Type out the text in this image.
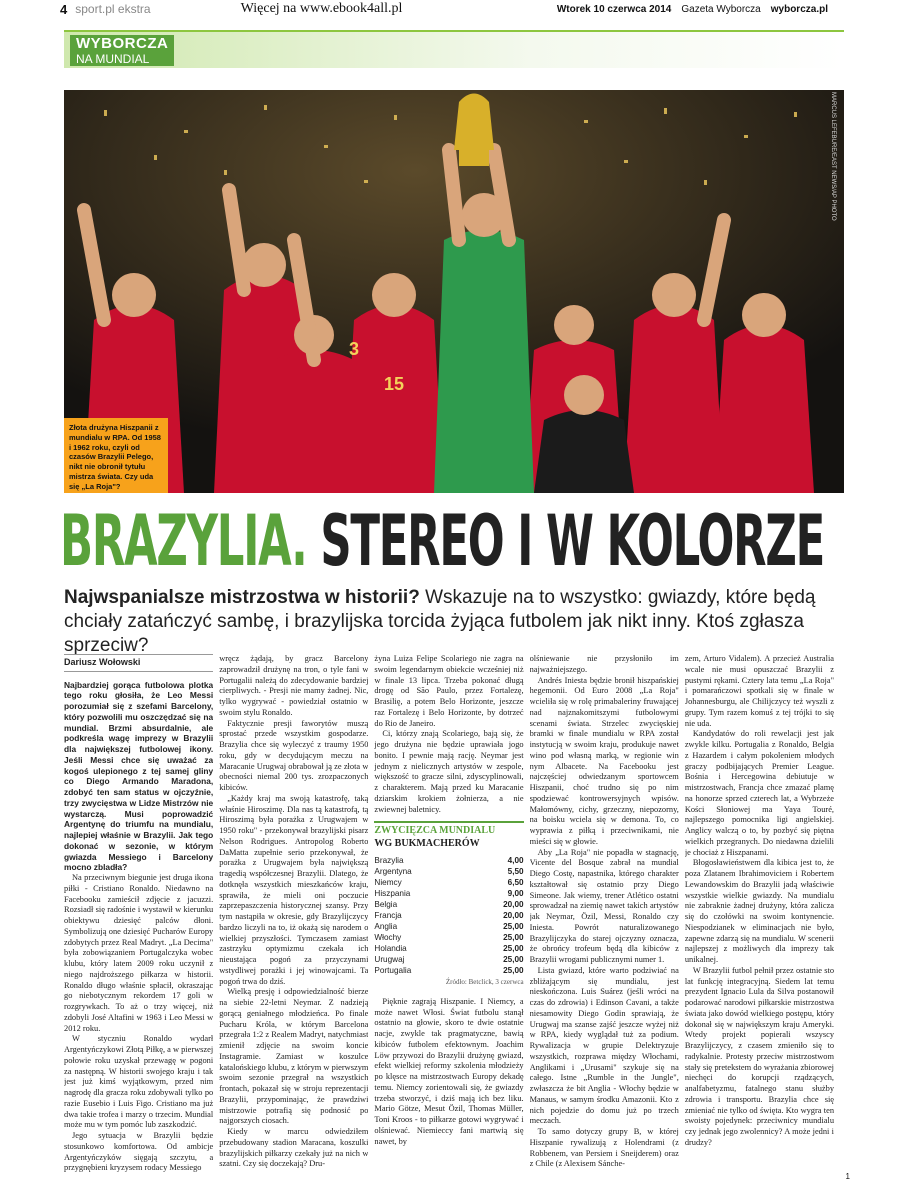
4 sport.pl ekstra	Więcej na www.ebook4all.pl	Wtorek 10 czerwca 2014 Gazeta Wyborcza wyborcza.pl
WYBORCZA
NA MUNDIAL
15
3
MARCUS LEFEBURE/EAST NEWS/AP PHOTO
Złota drużyna Hiszpanii z mundialu w RPA. Od 1958 i 1962 roku, czyli od czasów Brazylii Pelego, nikt nie obronił tytułu mistrza świata. Czy uda się „La Roja"?
BRAZYLIA. STEREO I W KOLORZE
Najwspanialsze mistrzostwa w historii? Wskazuje na to wszystko: gwiazdy, które będą chciały zatańczyć sambę, i brazylijska torcida żyjąca futbolem jak nikt inny. Ktoś zgłasza sprzeciw?
Dariusz Wołowski

Najbardziej gorąca futbolowa plotka tego roku głosiła, że Leo Messi porozumiał się z szefami Barcelony, który pozwolili mu oszczędzać się na mundial. Brzmi absurdalnie, ale podkreśla wagę imprezy w Brazylii dla największej futbolowej ikony. Jeśli Messi chce się uważać za kogoś ulepionego z tej samej gliny co Diego Armando Maradona, zdobyć ten sam status w ojczyźnie, trzy zwycięstwa w Lidze Mistrzów nie wystarczą. Musi poprowadzić Argentynę do triumfu na mundialu, najlepiej właśnie w Brazylii. Jak tego dokonać w sezonie, w którym gwiazda Messiego i Barcelony mocno zbladła?

Na przeciwnym biegunie jest druga ikona piłki - Cristiano Ronaldo. Niedawno na Facebooku zamieścił zdjęcie z jacuzzi. Rozsiadł się radośnie i wystawił w kierunku obiektywu dziesięć palców dłoni. Symbolizują one dziesięć Pucharów Europy zdobytych przez Real Madryt. „La Decima" była zobowiązaniem Portugalczyka wobec klubu, który latem 2009 roku uczynił z niego najdroższego piłkarza w historii. Ronaldo długo właśnie spłacił, okraszając go niebotycznym rekordem 17 goli w rozgrywkach. To aż o trzy więcej, niż zdobyli José Altafini w 1963 i Leo Messi w 2012 roku.

W styczniu Ronaldo wydarł Argentyńczykowi Złotą Piłkę, a w pierwszej połowie roku uzyskał przewagę w pogoni za następną. W historii swojego kraju i tak jest już kimś wyjątkowym, przed nim nagrodę dla gracza roku zdobywali tylko po razie Eusebio i Luis Figo. Cristiano ma już dwa takie trofea i marzy o trzecim. Mundial może mu w tym pomóc lub zaszkodzić.

Jego sytuacja w Brazylii będzie stosunkowo komfortowa. Od ambicje Argentyńczyków sięgają szczytu, a przygnębieni kryzysem rodacy Messiego

wręcz żądają, by gracz Barcelony zaprowadził drużynę na tron, o tyle fani w Portugalii należą do zdecydowanie bardziej cierpliwych. - Presji nie mamy żadnej. Nic, tylko wygrywać - powiedział ostatnio w swoim stylu Ronaldo.

Faktycznie presji faworytów muszą sprostać przede wszystkim gospodarze. Brazylia chce się wyleczyć z traumy 1950 roku, gdy w decydującym meczu na Maracanie Urugwaj obrabował ją ze złota w obecności niemal 200 tys. zrozpaczonych kibiców.

„Każdy kraj ma swoją katastrofę, taką właśnie Hiroszimę. Dla nas tą katastrofą, tą Hiroszimą była porażka z Urugwajem w 1950 roku" - przekonywał brazylijski pisarz Nelson Rodrigues. Antropolog Roberto DaMatta zupełnie serio przekonywał, że porażka z Urugwajem była największą tragedią współczesnej Brazylii. Dlatego, że dotknęła wszystkich mieszkańców kraju, sprawiła, że mieli oni poczucie zaprzepaszczenia historycznej szansy. Przy tym nastąpiła w okresie, gdy Brazylijczycy bardzo liczyli na to, iż okażą się narodem o wielkiej przyszłości. Tymczasem zamiast zastrzyku optymizmu czekała ich nieustająca pogoń za przyczynami wstydliwej porażki i jej winowajcami. Ta pogoń trwa do dziś.

Wielką presję i odpowiedzialność bierze na siebie 22-letni Neymar. Z nadzieją gorącą geniałnego młodzieńca. Po finale Pucharu Króla, w którym Barcelona przegrała 1:2 z Realem Madryt, natychmiast zmienił zdjęcie na swoim koncie Instagramie. Zamiast w koszulce katalońskiego klubu, z którym w pierwszym swoim sezonie przegrał na wszystkich frontach, pokazał się w stroju reprezentacji Brazylii, przypominając, że prawdziwi mistrzowie potrafią się podnosić po najgorszych ciosach.

Kiedy w marcu odwiedziłem przebudowany stadion Maracana, koszulki brazylijskich piłkarzy czekały już na nich w szatni. Czy się doczekają? Dru-

żyna Luiza Felipe Scolariego nie zagra na swoim legendarnym obiekcie wcześniej niż w finale 13 lipca. Trzeba pokonać długą drogę od São Paulo, przez Fortalezę, Brasilię, a potem Belo Horizonte, jeszcze raz Fortalezę i Belo Horizonte, by dotrzeć do Rio de Janeiro.

Ci, którzy znają Scolariego, bają się, że jego drużyna nie będzie uprawiała jogo bonito. I pewnie mają rację. Neymar jest jednym z nielicznych artystów w zespole, większość to gracze silni, zdyscyplinowali, z charakterem. Mają przed ku Maracanie dziarskim krokiem żołnierza, a nie zwiewnej baletnicy.

ZWYCIĘZCA MUNDIALU
WG BUKMACHERÓW
Brazylia	4,00
Argentyna	5,50
Niemcy	6,50
Hiszpania	9,00
Belgia	20,00
Francja	20,00
Anglia	25,00
Włochy	25,00
Holandia	25,00
Urugwaj	25,00
Portugalia	25,00
Źródło: Betclick, 3 czerwca

Pięknie zagrają Hiszpanie. I Niemcy, a może nawet Włosi. Świat futbolu stanął ostatnio na głowie, skoro te dwie ostatnie nacje, zwykle tak pragmatyczne, bawią kibiców futbolem efektownym. Joachim Löw przywozi do Brazylii drużynę gwiazd, efekt wielkiej reformy szkolenia młodzieży po klęsce na mistrzostwach Europy dekadę temu. Niemcy zorientowali się, że gwiazdy trzeba stworzyć, i dziś mają ich bez liku. Mario Götze, Mesut Özil, Thomas Müller, Toni Kroos - to piłkarze gotowi wygrywać i olśniewać. Niemieccy fani martwią się nawet, by

olśniewanie nie przysłoniło im najważniejszego.

Andrés Iniesta będzie bronił hiszpańskiej hegemonii. Od Euro 2008 „La Roja" wcieliła się w rolę primabaleriny fruwającej nad najznakomitszymi futbolowymi scenami świata. Strzelec zwycięskiej bramki w finale mundialu w RPA został instytucją w swoim kraju, produkuje nawet wino pod własną marką, w regionie win nym Albacete. Na Facebooku jest najczęściej odwiedzanym sportowcem Hiszpanii, choć trudno się po nim spodziewać kontrowersyjnych wpisów. Małomówny, cichy, grzeczny, niepozorny, na boisku wciela się w demona. To, co wyprawia z piłką i przeciwnikami, nie mieści się w głowie.

Aby „La Roja" nie popadła w stagnację, Vicente del Bosque zabrał na mundial Diego Costę, napastnika, którego charakter kształtował się ostatnio przy Diego Simeone. Jak wiemy, trener Atlético ostatni sprowadzał na ziemię nawet takich artystów jak Neymar, Özil, Messi, Ronaldo czy Iniesta. Powrót naturalizowanego Brazylijczyka do starej ojczyzny oznacza, że obrońcy trofeum będą dla kibiców z Brazylii wrogami publicznymi numer 1.

Lista gwiazd, które warto podziwiać na zbliżającym się mundialu, jest nieskończona. Luis Suárez (jeśli wróci na czas do zdrowia) i Edinson Cavani, a także niesamowity Diego Godin sprawiają, że Urugwaj ma szanse zajść jeszcze wyżej niż w RPA, kiedy wyglądał tuż za podium. Rywalizacja w grupie Delektryzuje wszystkich, rozprawa między Włochami, Anglikami i „Urusami" szykuje się na całego. Istne „Rumble in the Jungle", zwłaszcza że bit Anglia - Włochy będzie w Manaus, w samym środku Amazonii. Kto z nich pojedzie do domu już po trzech meczach.

To samo dotyczy grupy B, w której Hiszpanie rywalizują z Holendrami (z Robbenem, van Persiem i Sneijderem) oraz z Chile (z Alexisem Sánche-

zem, Arturo Vidalem). A przecież Australia wcale nie musi opuszczać Brazylii z pustymi rękami. Cztery lata temu „La Roja" i pomarańczowi spotkali się w finale w Johannesburgu, ale Chilijczycy też wyszli z grupy. Tym razem komuś z tej trójki to się nie uda.

Kandydatów do roli rewelacji jest jak zwykle kilku. Portugalia z Ronaldo, Belgia z Hazardem i całym pokoleniem młodych graczy podbijających Premier League. Bośnia i Hercegowina debiutuje w mistrzostwach, Francja chce zmazać plamę na honorze sprzed czterech lat, a Wybrzeże Kości Słoniowej ma Yaya Touré, najlepszego pomocnika ligi angielskiej. Anglicy walczą o to, by pozbyć się piętna wielkich przegranych. Do niedawna dzielili je chociaż z Hiszpanami.

Błogosławieństwem dla kibica jest to, że poza Zlatanem Ibrahimoviciem i Robertem Lewandowskim do Brazylii jadą właściwie wszystkie wielkie gwiazdy. Na mundialu nie zabraknie żadnej drużyny, która zalicza się do czołówki na swoim kontynencie. Niespodzianek w eliminacjach nie było, zapewne zdarzą się na mundialu. W scenerii najlepszej z możliwych dla imprezy tak unikalnej.

W Brazylii futbol pełnił przez ostatnie sto lat funkcję integracyjną. Siedem lat temu prezydent Ignacio Lula da Silva postanowił podarować narodowi piłkarskie mistrzostwa świata jako dowód wielkiego postępu, który dokonał się w największym kraju Ameryki. Wtedy projekt popierali wszyscy Brazylijczycy, z czasem zmieniło się to radykalnie. Protesty przeciw mistrzostwom stały się pretekstem do wyrażania zbiorowej niechęci do korupcji rządzących, analfabetyzmu, fatalnego stanu służby zdrowia i transportu. Brazylia chce się zmieniać nie tylko od święta. Kto wygra ten swoisty pojedynek: przeciwnicy mundialu czy jednak jego zwolennicy? A może jedni i drudzy?

1
